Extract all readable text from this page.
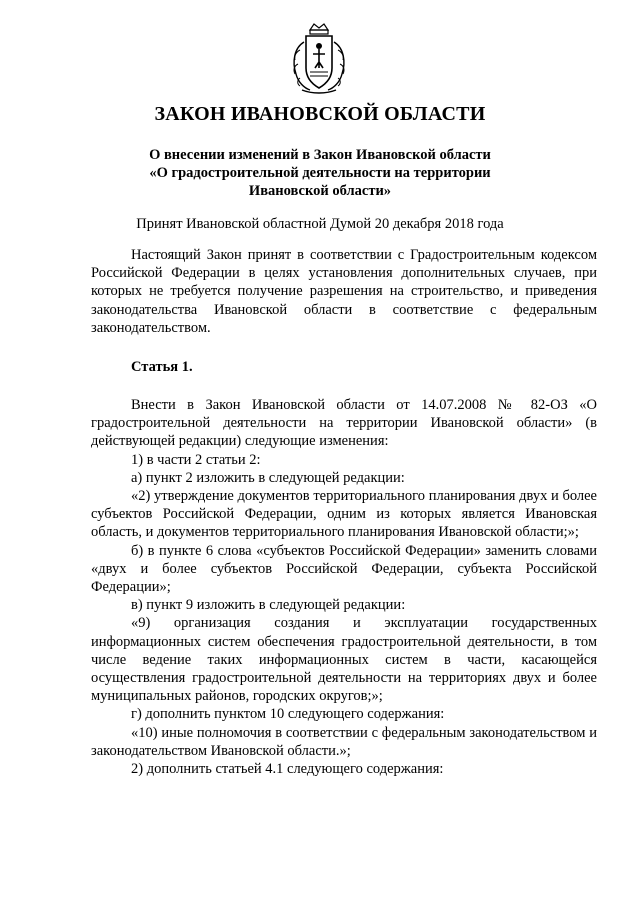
ЗАКОН ИВАНОВСКОЙ ОБЛАСТИ
О внесении изменений в Закон Ивановской области
«О градостроительной деятельности на территории
Ивановской области»
Принят Ивановской областной Думой 20 декабря 2018 года

Настоящий Закон принят в соответствии с Градостроительным кодексом Российской Федерации в целях установления дополнительных случаев, при которых не требуется получение разрешения на строительство, и приведения законодательства Ивановской области в соответствие с федеральным законодательством.

Статья 1.

Внести в Закон Ивановской области от 14.07.2008 № 82-ОЗ «О градостроительной деятельности на территории Ивановской области» (в действующей редакции) следующие изменения:

1) в части 2 статьи 2:

а) пункт 2 изложить в следующей редакции:

«2) утверждение документов территориального планирования двух и более субъектов Российской Федерации, одним из которых является Ивановская область, и документов территориального планирования Ивановской области;»;

б) в пункте 6 слова «субъектов Российской Федерации» заменить словами «двух и более субъектов Российской Федерации, субъекта Российской Федерации»;

в) пункт 9 изложить в следующей редакции:

«9) организация создания и эксплуатации государственных информационных систем обеспечения градостроительной деятельности, в том числе ведение таких информационных систем в части, касающейся осуществления градостроительной деятельности на территориях двух и более муниципальных районов, городских округов;»;

г) дополнить пунктом 10 следующего содержания:

«10) иные полномочия в соответствии с федеральным законодательством и законодательством Ивановской области.»;

2) дополнить статьей 4.1 следующего содержания:
